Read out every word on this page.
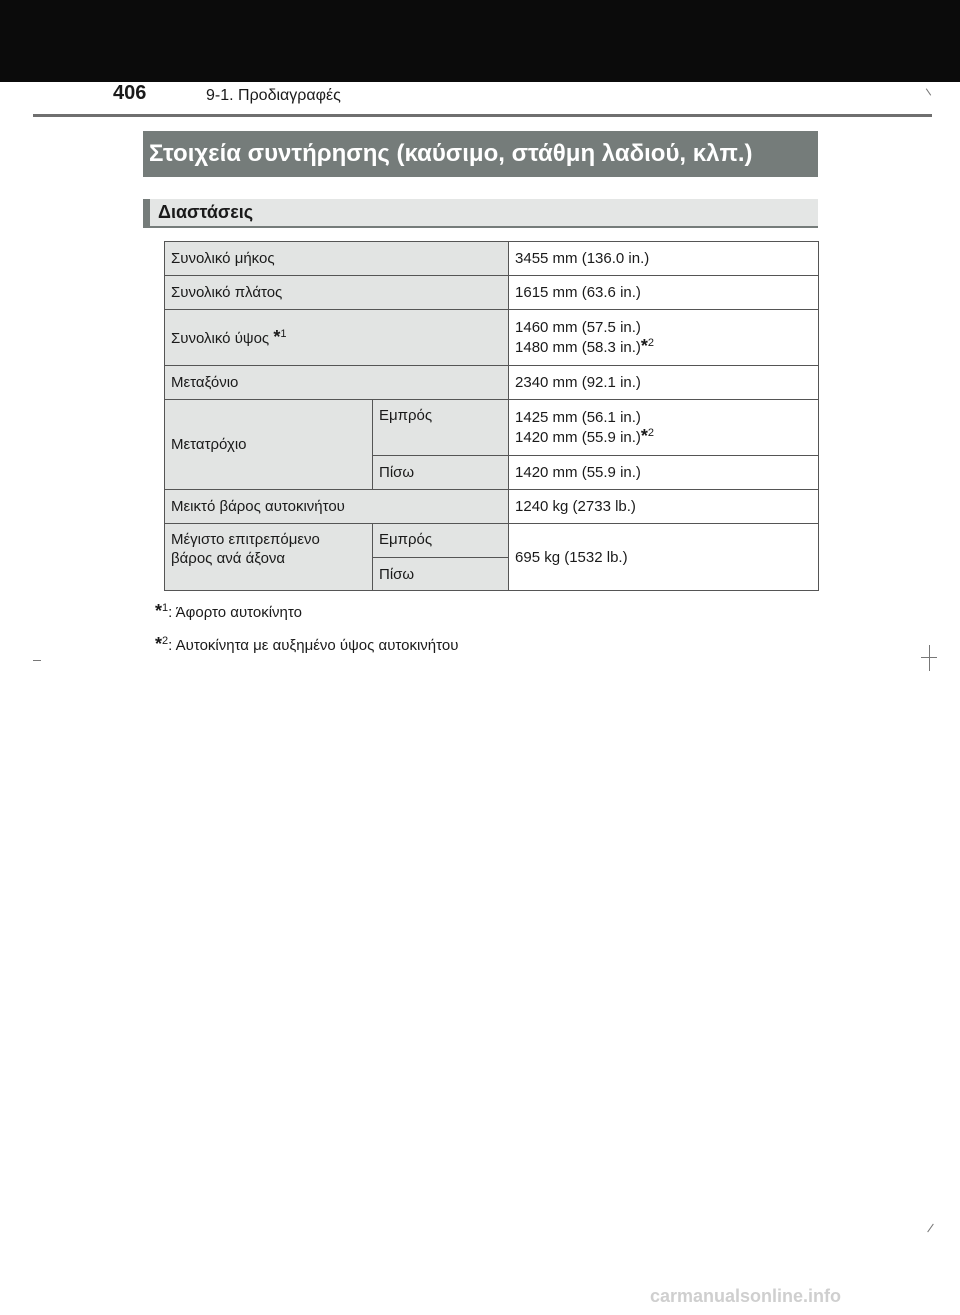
406	9-1. Προδιαγραφές
Στοιχεία συντήρησης (καύσιμο, στάθμη λαδιού, κλπ.)
Διαστάσεις
Συνολικό μήκος		3455 mm (136.0 in.)
Συνολικό πλάτος		1615 mm (63.6 in.)
Συνολικό ύψος *$^1$		1460 mm (57.5 in.)
1480 mm (58.3 in.)*$^2$

Μεταξόνιο		2340 mm (92.1 in.)
Μετατρόχιο	Εμπρός	1425 mm (56.1 in.)
1420 mm (55.9 in.)*$^2$

	Πίσω	1420 mm (55.9 in.)
Μεικτό βάρος αυτοκινήτου		1240 kg (2733 lb.)

Μέγιστο επιτρεπόμενο
βάρος ανά άξονα	Εμπρός	695 kg (1532 lb.)
	Πίσω	
*$^1$: Άφορτο αυτοκίνητο
*$^2$: Αυτοκίνητα με αυξημένο ύψος αυτοκινήτου
carmanualsonline.info
